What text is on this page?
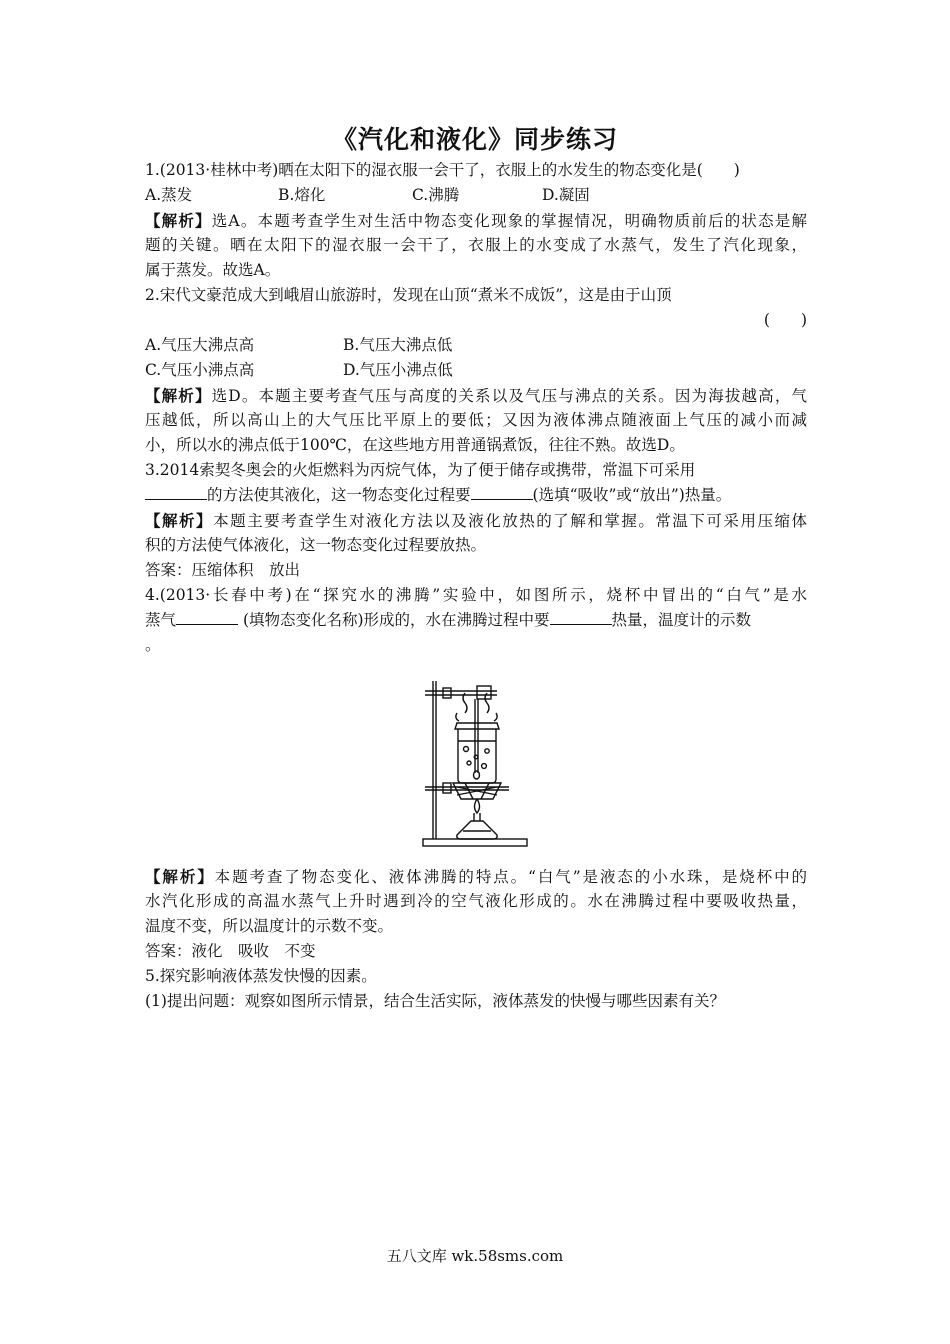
《汽化和液化》同步练习
1.(2013·桂林中考)晒在太阳下的湿衣服一会干了，衣服上的水发生的物态变化是(　　)
A.蒸发	B.熔化	C.沸腾	D.凝固
【解析】选A。本题考查学生对生活中物态变化现象的掌握情况，明确物质前后的状态是解
题的关键。晒在太阳下的湿衣服一会干了，衣服上的水变成了水蒸气，发生了汽化现象，
属于蒸发。故选A。
2.宋代文豪范成大到峨眉山旅游时，发现在山顶“煮米不成饭”，这是由于山顶
(　　)
A.气压大沸点高	B.气压大沸点低
C.气压小沸点高	D.气压小沸点低
【解析】选D。本题主要考查气压与高度的关系以及气压与沸点的关系。因为海拔越高，气
压越低，所以高山上的大气压比平原上的要低；又因为液体沸点随液面上气压的减小而减
小，所以水的沸点低于100℃，在这些地方用普通锅煮饭，往往不熟。故选D。
3.2014索契冬奥会的火炬燃料为丙烷气体，为了便于储存或携带，常温下可采用
的方法使其液化，这一物态变化过程要	(选填“吸收”或“放出”)热量。
【解析】本题主要考查学生对液化方法以及液化放热的了解和掌握。常温下可采用压缩体
积的方法使气体液化，这一物态变化过程要放热。
答案：压缩体积　放出
4.(2013·长春中考)在“探究水的沸腾”实验中，如图所示，烧杯中冒出的“白气”是水
蒸气	(填物态变化名称)形成的，水在沸腾过程中要	热量，温度计的示数
。
【解析】本题考查了物态变化、液体沸腾的特点。“白气”是液态的小水珠，是烧杯中的
水汽化形成的高温水蒸气上升时遇到冷的空气液化形成的。水在沸腾过程中要吸收热量，
温度不变，所以温度计的示数不变。
答案：液化　吸收　不变
5.探究影响液体蒸发快慢的因素。
(1)提出问题：观察如图所示情景，结合生活实际，液体蒸发的快慢与哪些因素有关？
五八文库 wk.58sms.com
